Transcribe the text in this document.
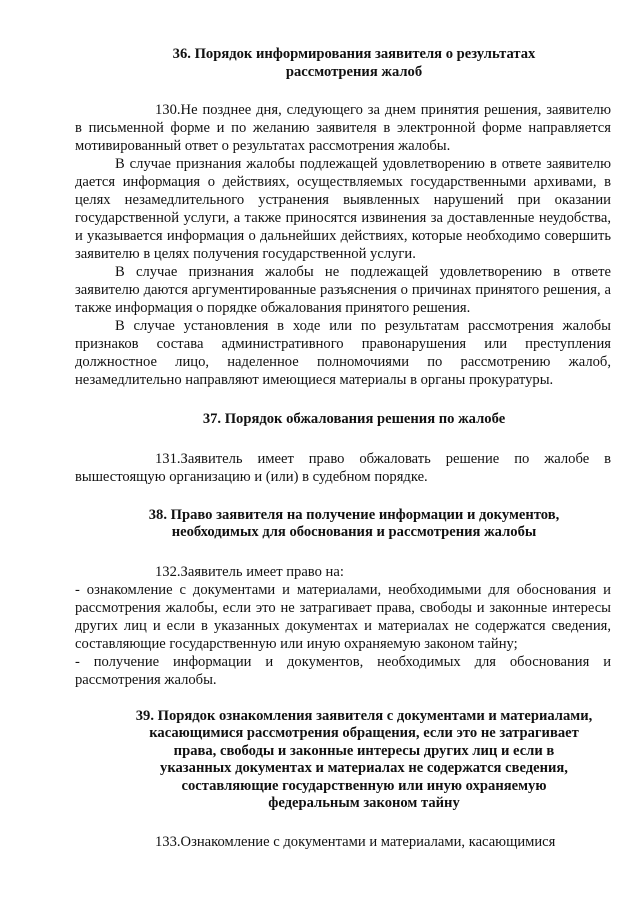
36. Порядок информирования заявителя о результатах
рассмотрения жалоб

130.Не позднее дня, следующего за днем принятия решения, заявителю в письменной форме и по желанию заявителя в электронной форме направляется мотивированный ответ о результатах рассмотрения жалобы.

В случае признания жалобы подлежащей удовлетворению в ответе заявителю дается информация о действиях, осуществляемых государственными архивами, в целях незамедлительного устранения выявленных нарушений при оказании государственной услуги, а также приносятся извинения за доставленные неудобства, и указывается информация о дальнейших действиях, которые необходимо совершить заявителю в целях получения государственной услуги.

В случае признания жалобы не подлежащей удовлетворению в ответе заявителю даются аргументированные разъяснения о причинах принятого решения, а также информация о порядке обжалования принятого решения.

В случае установления в ходе или по результатам рассмотрения жалобы признаков состава административного правонарушения или преступления должностное лицо, наделенное полномочиями по рассмотрению жалоб, незамедлительно направляют имеющиеся материалы в органы прокуратуры.

37. Порядок обжалования решения по жалобе

131.Заявитель имеет право обжаловать решение по жалобе в вышестоящую организацию и (или) в судебном порядке.

38. Право заявителя на получение информации и документов,
необходимых для обоснования и рассмотрения жалобы

132.Заявитель имеет право на:

- ознакомление с документами и материалами, необходимыми для обоснования и рассмотрения жалобы, если это не затрагивает права, свободы и законные интересы других лиц и если в указанных документах и материалах не содержатся сведения, составляющие государственную или иную охраняемую законом тайну;

- получение информации и документов, необходимых для обоснования и рассмотрения жалобы.

39. Порядок ознакомления заявителя с документами и материалами,
касающимися рассмотрения обращения, если это не затрагивает
права, свободы и законные интересы других лиц и если в
указанных документах и материалах не содержатся сведения,
составляющие государственную или иную охраняемую
федеральным законом тайну

133.Ознакомление с документами и материалами, касающимися
